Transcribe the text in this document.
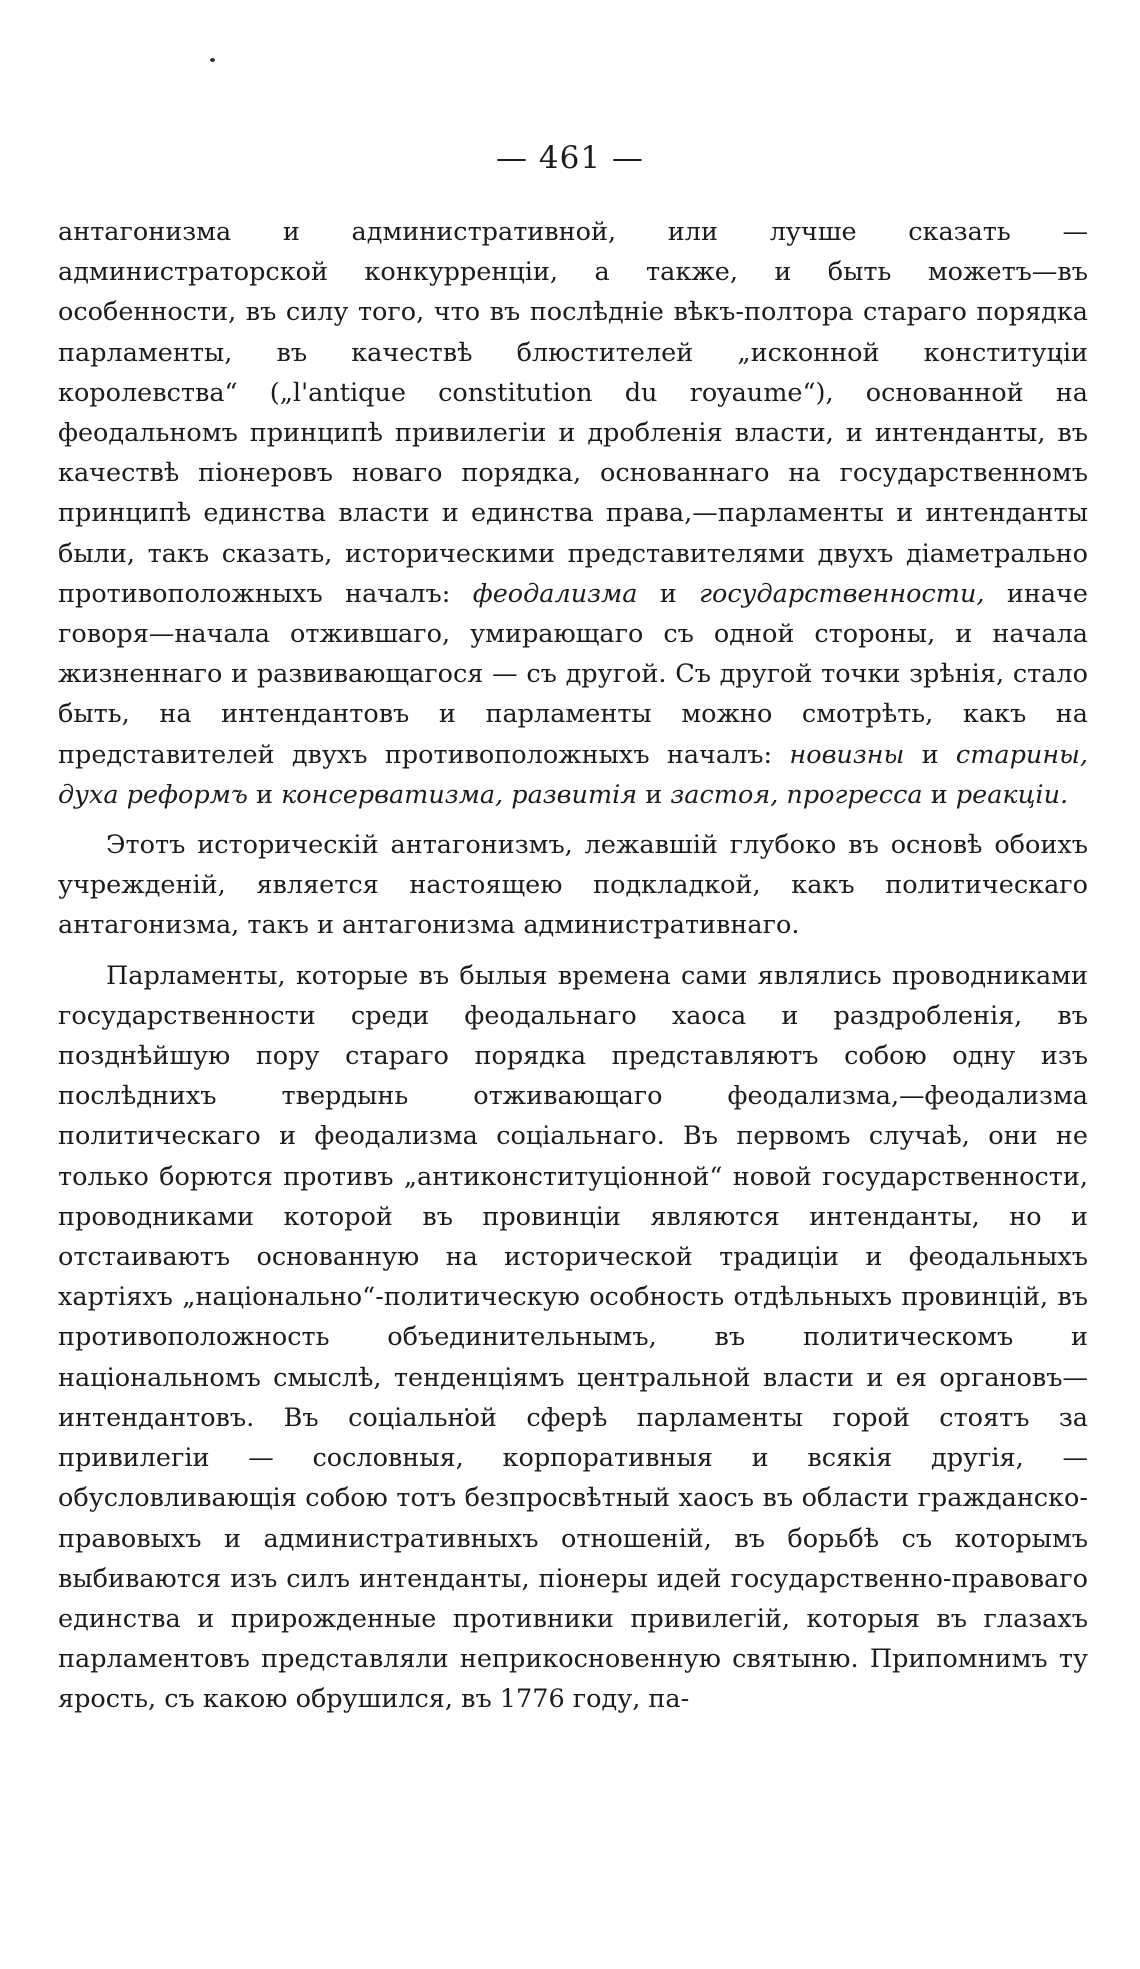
— 461 —

антагонизма и административной, или лучше сказать — администраторской конкурренціи, а также, и быть можетъ—въ особенности, въ силу того, что въ послѣдніе вѣкъ-полтора стараго порядка парламенты, въ качествѣ блюстителей „исконной конституціи королевства“ („l'antique constitution du royaume“), основанной на феодальномъ принципѣ привилегіи и дробленія власти, и интенданты, въ качествѣ піонеровъ новаго порядка, основаннаго на государственномъ принципѣ единства власти и единства права,—парламенты и интенданты были, такъ сказать, историческими представителями двухъ діаметрально противоположныхъ началъ: феодализма и государственности, иначе говоря—начала отжившаго, умирающаго съ одной стороны, и начала жизненнаго и развивающагося — съ другой. Съ другой точки зрѣнія, стало быть, на интендантовъ и парламенты можно смотрѣть, какъ на представителей двухъ противоположныхъ началъ: новизны и старины, духа реформъ и консерватизма, развитія и застоя, прогресса и реакціи.

Этотъ историческій антагонизмъ, лежавшій глубоко въ основѣ обоихъ учрежденій, является настоящею подкладкой, какъ политическаго антагонизма, такъ и антагонизма административнаго.

Парламенты, которые въ былыя времена сами являлись проводниками государственности среди феодальнаго хаоса и раздробленія, въ позднѣйшую пору стараго порядка представляютъ собою одну изъ послѣднихъ твердынь отживающаго феодализма,—феодализма политическаго и феодализма соціальнаго. Въ первомъ случаѣ, они не только борются противъ „антиконституціонной“ новой государственности, проводниками которой въ провинціи являются интенданты, но и отстаиваютъ основанную на исторической традиціи и феодальныхъ хартіяхъ „національно“-политическую особность отдѣльныхъ провинцій, въ противоположность объединительнымъ, въ политическомъ и національномъ смыслѣ, тенденціямъ центральной власти и ея органовъ—интендантовъ. Въ соціальной сферѣ парламенты горой стоятъ за привилегіи — сословныя, корпоративныя и всякія другія, — обусловливающія собою тотъ безпросвѣтный хаосъ въ области гражданско-правовыхъ и административныхъ отношеній, въ борьбѣ съ которымъ выбиваются изъ силъ интенданты, піонеры идей государственно-правоваго единства и прирожденные противники привилегій, которыя въ глазахъ парламентовъ представляли неприкосновенную святыню. Припомнимъ ту ярость, съ какою обрушился, въ 1776 году, па-
